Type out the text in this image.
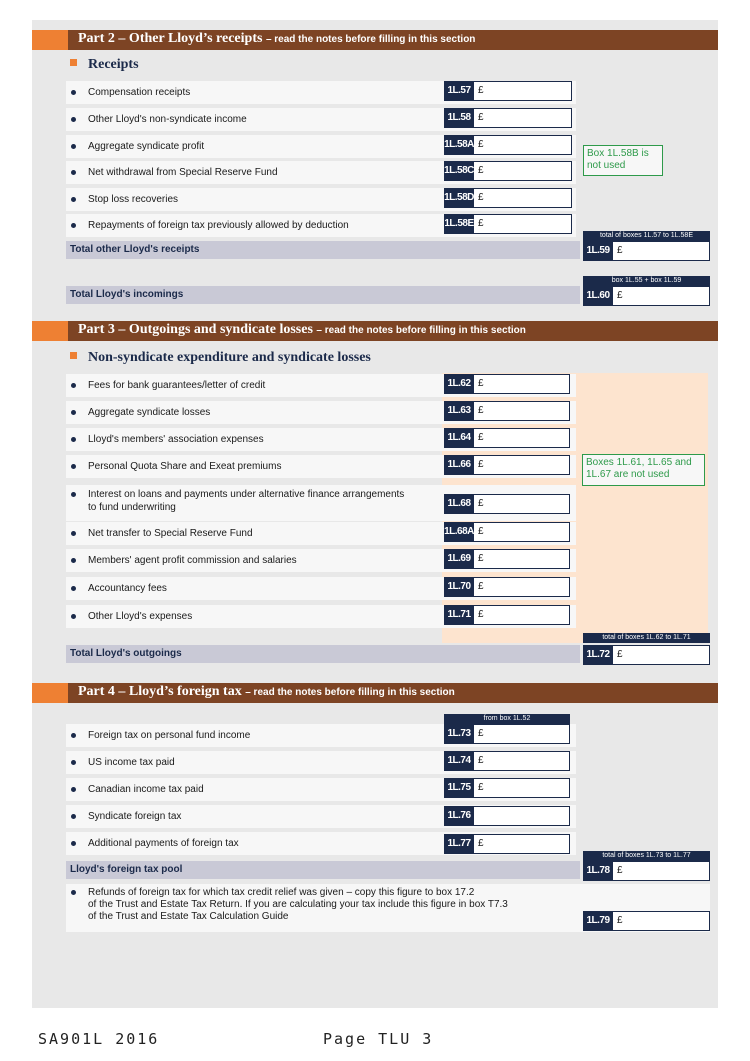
Part 2 – Other Lloyd’s receipts – read the notes before filling in this section
Receipts
Compensation receipts	1L.57 £
Other Lloyd's non-syndicate income	1L.58 £
Aggregate syndicate profit	1L.58A £
Net withdrawal from Special Reserve Fund	1L.58C £
Stop loss recoveries	1L.58D £
Repayments of foreign tax previously allowed by deduction	1L.58E £
Box 1L.58B is not used
Total other Lloyd's receipts
total of boxes 1L.57 to 1L.58E
1L.59 £
Total Lloyd's incomings
box 1L.55 + box 1L.59
1L.60 £
Part 3 – Outgoings and syndicate losses – read the notes before filling in this section
Non-syndicate expenditure and syndicate losses
Fees for bank guarantees/letter of credit	1L.62 £
Aggregate syndicate losses	1L.63 £
Lloyd's members' association expenses	1L.64 £
Personal Quota Share and Exeat premiums	1L.66 £
Interest on loans and payments under alternative finance arrangements
to fund underwriting	1L.68 £
Net transfer to Special Reserve Fund	1L.68A £
Members' agent profit commission and salaries	1L.69 £
Accountancy fees	1L.70 £
Other Lloyd's expenses	1L.71 £
Boxes 1L.61, 1L.65 and 1L.67 are not used
Total Lloyd's outgoings
total of boxes 1L.62 to 1L.71
1L.72 £
Part 4 – Lloyd’s foreign tax – read the notes before filling in this section
from box 1L.52
Foreign tax on personal fund income	1L.73 £
US income tax paid	1L.74 £
Canadian income tax paid	1L.75 £
Syndicate foreign tax	1L.76
Additional payments of foreign tax	1L.77 £
Lloyd's foreign tax pool
total of boxes 1L.73 to 1L.77
1L.78 £
Refunds of foreign tax for which tax credit relief was given – copy this figure to box 17.2
of the Trust and Estate Tax Return. If you are calculating your tax include this figure in box T7.3
of the Trust and Estate Tax Calculation Guide	1L.79 £
SA901L 2016	Page TLU 3
